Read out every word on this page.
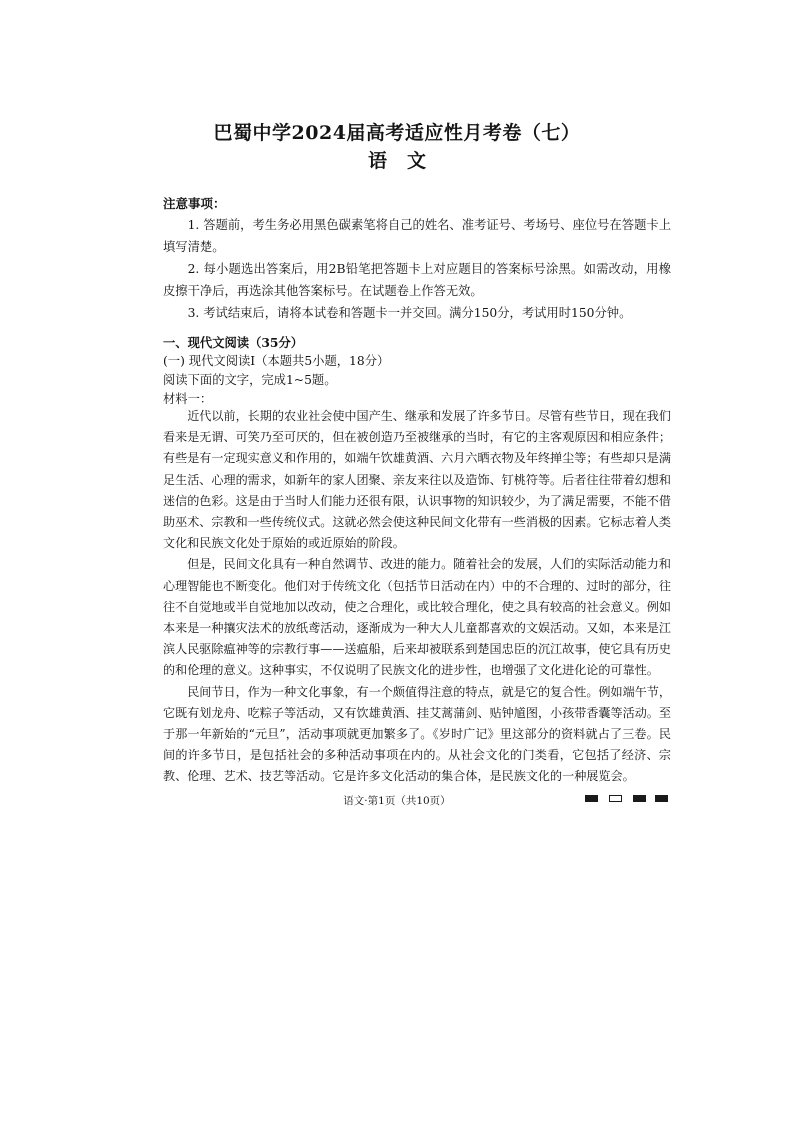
巴蜀中学2024届高考适应性月考卷（七）
语文
注意事项：

1. 答题前，考生务必用黑色碳素笔将自己的姓名、准考证号、考场号、座位号在答题卡上填写清楚。

2. 每小题选出答案后，用2B铅笔把答题卡上对应题目的答案标号涂黑。如需改动，用橡皮擦干净后，再选涂其他答案标号。在试题卷上作答无效。

3. 考试结束后，请将本试卷和答题卡一并交回。满分150分，考试用时150分钟。

一、现代文阅读（35分）
(一) 现代文阅读Ⅰ（本题共5小题，18分）
阅读下面的文字，完成1~5题。
材料一：

近代以前，长期的农业社会使中国产生、继承和发展了许多节日。尽管有些节日，现在我们看来是无谓、可笑乃至可厌的，但在被创造乃至被继承的当时，有它的主客观原因和相应条件；有些是有一定现实意义和作用的，如端午饮雄黄酒、六月六晒衣物及年终掸尘等；有些却只是满足生活、心理的需求，如新年的家人团聚、亲友来往以及造饰、钉桃符等。后者往往带着幻想和迷信的色彩。这是由于当时人们能力还很有限，认识事物的知识较少，为了满足需要，不能不借助巫术、宗教和一些传统仪式。这就必然会使这种民间文化带有一些消极的因素。它标志着人类文化和民族文化处于原始的或近原始的阶段。

但是，民间文化具有一种自然调节、改进的能力。随着社会的发展，人们的实际活动能力和心理智能也不断变化。他们对于传统文化（包括节日活动在内）中的不合理的、过时的部分，往往不自觉地或半自觉地加以改动，使之合理化，或比较合理化，使之具有较高的社会意义。例如本来是一种攘灾法术的放纸鸢活动，逐渐成为一种大人儿童都喜欢的文娱活动。又如，本来是江滨人民驱除瘟神等的宗教行事——送瘟船，后来却被联系到楚国忠臣的沉江故事，使它具有历史的和伦理的意义。这种事实，不仅说明了民族文化的进步性，也增强了文化进化论的可靠性。

民间节日，作为一种文化事象，有一个颇值得注意的特点，就是它的复合性。例如端午节，它既有划龙舟、吃粽子等活动，又有饮雄黄酒、挂艾蒿蒲剑、贴钟馗图，小孩带香囊等活动。至于那一年新始的“元旦”，活动事项就更加繁多了。《岁时广记》里这部分的资料就占了三卷。民间的许多节日，是包括社会的多种活动事项在内的。从社会文化的门类看，它包括了经济、宗教、伦理、艺术、技艺等活动。它是许多文化活动的集合体，是民族文化的一种展览会。

语文·第1页（共10页）
